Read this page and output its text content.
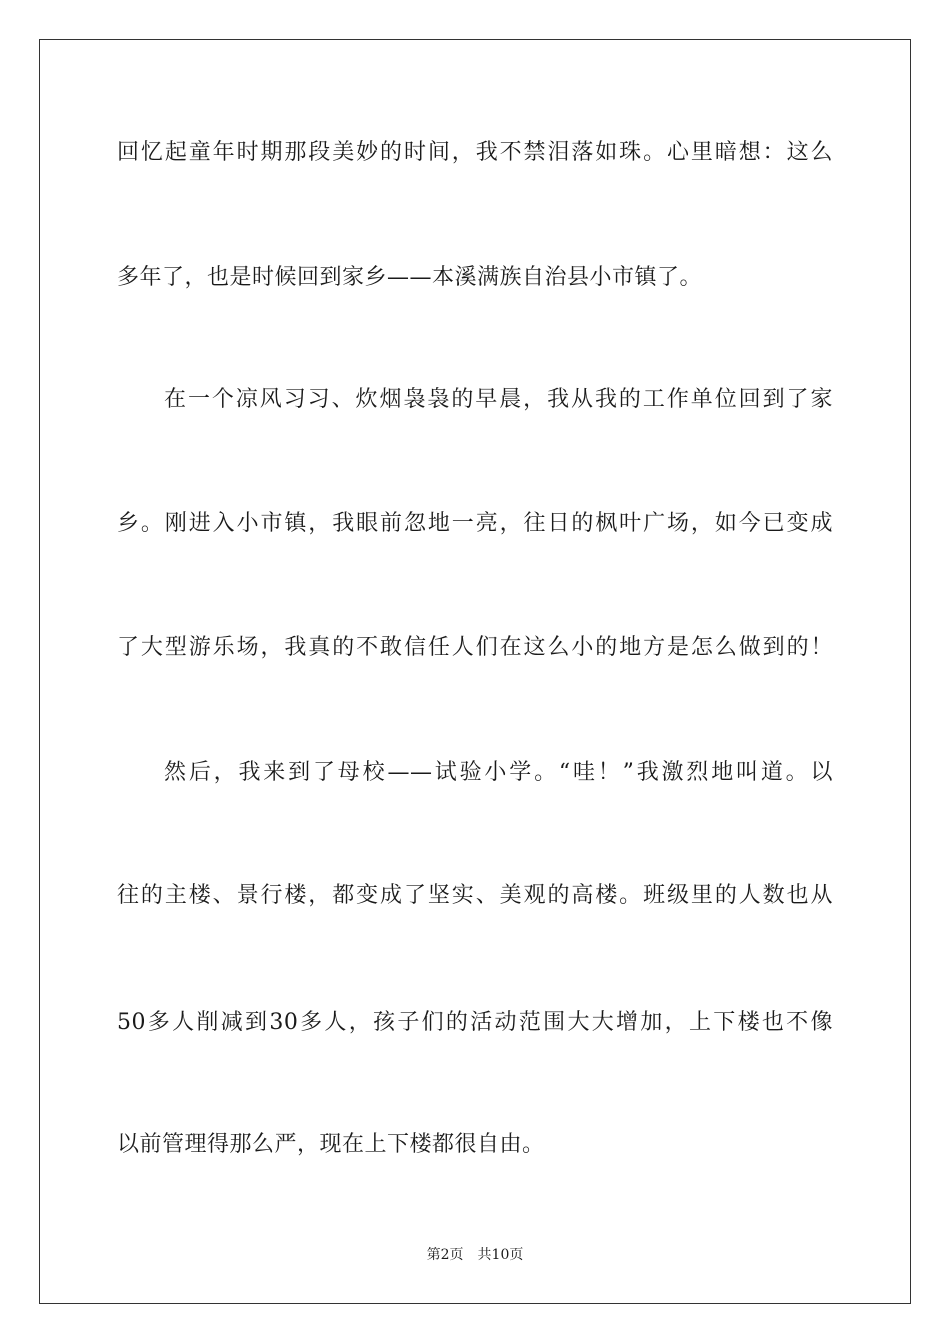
回忆起童年时期那段美妙的时间，我不禁泪落如珠。心里暗想：这么
多年了，也是时候回到家乡——本溪满族自治县小市镇了。
在一个凉风习习、炊烟袅袅的早晨，我从我的工作单位回到了家
乡。刚进入小市镇，我眼前忽地一亮，往日的枫叶广场，如今已变成
了大型游乐场，我真的不敢信任人们在这么小的地方是怎么做到的！
然后，我来到了母校——试验小学。“哇！”我激烈地叫道。以
往的主楼、景行楼，都变成了坚实、美观的高楼。班级里的人数也从
50多人削减到30多人，孩子们的活动范围大大增加，上下楼也不像
以前管理得那么严，现在上下楼都很自由。
第2页 共10页
